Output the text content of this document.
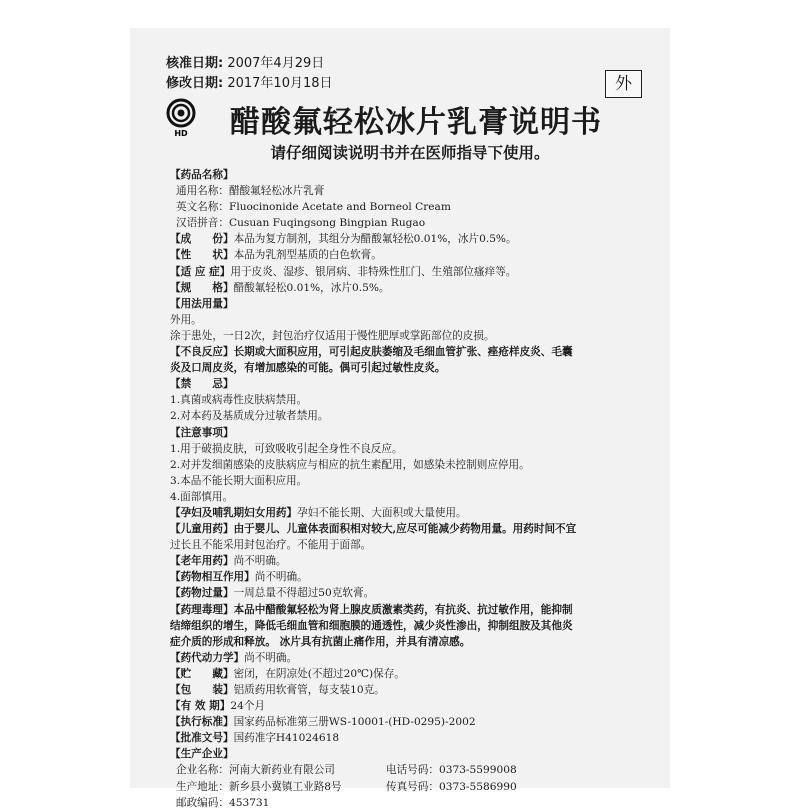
核准日期: 2007年4月29日
修改日期: 2017年10月18日	外
HD 醋酸氟轻松冰片乳膏说明书
请仔细阅读说明书并在医师指导下使用。
【药品名称】
通用名称：醋酸氟轻松冰片乳膏
英文名称：Fluocinonide Acetate and Borneol Cream
汉语拼音：Cusuan Fuqingsong Bingpian Rugao
【成　　份】本品为复方制剂，其组分为醋酸氟轻松0.01%，冰片0.5%。
【性　　状】本品为乳剂型基质的白色软膏。
【适 应 症】用于皮炎、湿疹、银屑病、非特殊性肛门、生殖部位瘙痒等。
【规　　格】醋酸氟轻松0.01%，冰片0.5%。
【用法用量】
外用。
涂于患处，一日2次，封包治疗仅适用于慢性肥厚或掌跖部位的皮损。
【不良反应】长期或大面积应用，可引起皮肤萎缩及毛细血管扩张、痤疮样皮炎、毛囊
炎及口周皮炎，有增加感染的可能。偶可引起过敏性皮炎。
【禁　　忌】
1.真菌或病毒性皮肤病禁用。
2.对本药及基质成分过敏者禁用。
【注意事项】
1.用于破损皮肤，可致吸收引起全身性不良反应。
2.对并发细菌感染的皮肤病应与相应的抗生素配用，如感染未控制则应停用。
3.本品不能长期大面积应用。
4.面部慎用。
【孕妇及哺乳期妇女用药】孕妇不能长期、大面积或大量使用。
【儿童用药】由于婴儿、儿童体表面积相对较大,应尽可能减少药物用量。用药时间不宜
过长且不能采用封包治疗。不能用于面部。
【老年用药】尚不明确。
【药物相互作用】尚不明确。
【药物过量】一周总量不得超过50克软膏。
【药理毒理】本品中醋酸氟轻松为肾上腺皮质激素类药，有抗炎、抗过敏作用，能抑制
结缔组织的增生，降低毛细血管和细胞膜的通透性，减少炎性渗出，抑制组胺及其他炎
症介质的形成和释放。 冰片具有抗菌止痛作用，并具有清凉感。
【药代动力学】尚不明确。
【贮　　藏】密闭，在阴凉处(不超过20℃)保存。
【包　　装】铝质药用软膏管，每支装10克。
【有 效 期】24个月
【执行标准】国家药品标准第三册WS-10001-(HD-0295)-2002
【批准文号】国药准字H41024618
【生产企业】
企业名称：河南大新药业有限公司	电话号码：0373-5599008
生产地址：新乡县小冀镇工业路8号	传真号码：0373-5586990
邮政编码：453731
